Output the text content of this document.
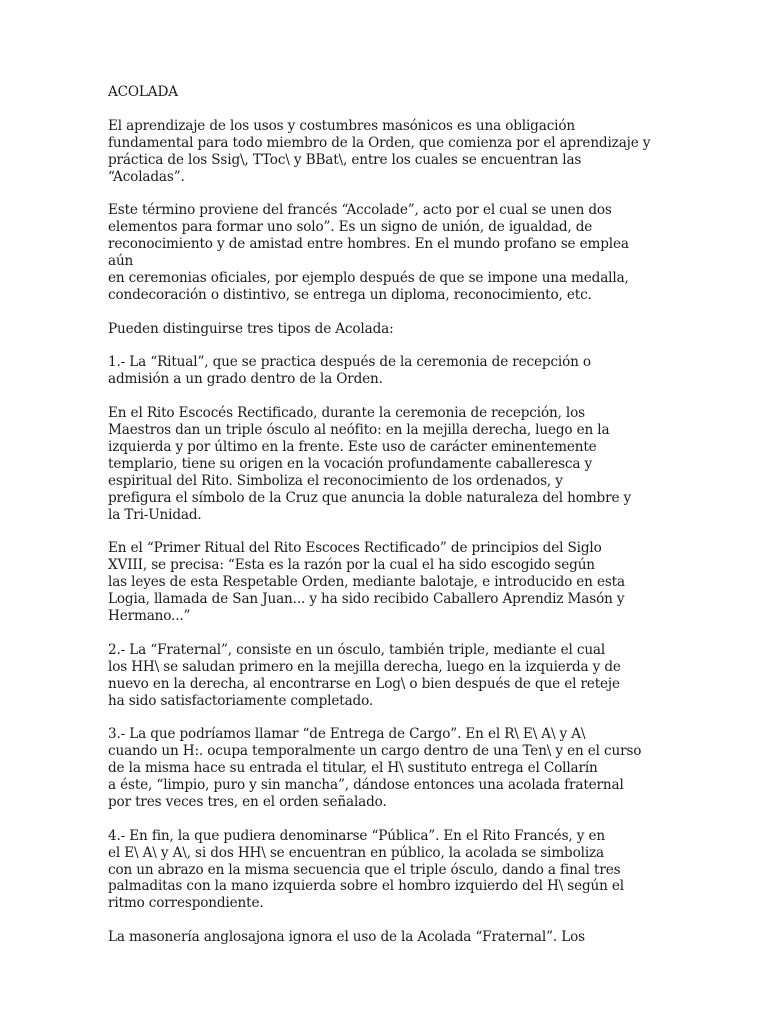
ACOLADA
El aprendizaje de los usos y costumbres masónicos es una obligación
fundamental para todo miembro de la Orden, que comienza por el aprendizaje y
práctica de los Ssig\, TToc\ y BBat\, entre los cuales se encuentran las
“Acoladas”.
Este término proviene del francés “Accolade”, acto por el cual se unen dos
elementos para formar uno solo”. Es un signo de unión, de igualdad, de
reconocimiento y de amistad entre hombres. En el mundo profano se emplea
aún
en ceremonias oficiales, por ejemplo después de que se impone una medalla,
condecoración o distintivo, se entrega un diploma, reconocimiento, etc.
Pueden distinguirse tres tipos de Acolada:
1.- La “Ritual”, que se practica después de la ceremonia de recepción o
admisión a un grado dentro de la Orden.
En el Rito Escocés Rectificado, durante la ceremonia de recepción, los
Maestros dan un triple ósculo al neófito: en la mejilla derecha, luego en la
izquierda y por último en la frente. Este uso de carácter eminentemente
templario, tiene su origen en la vocación profundamente caballeresca y
espiritual del Rito. Simboliza el reconocimiento de los ordenados, y
prefigura el símbolo de la Cruz que anuncia la doble naturaleza del hombre y
la Tri-Unidad.
En el “Primer Ritual del Rito Escoces Rectificado” de principios del Siglo
XVIII, se precisa: “Esta es la razón por la cual el ha sido escogido según
las leyes de esta Respetable Orden, mediante balotaje, e introducido en esta
Logia, llamada de San Juan... y ha sido recibido Caballero Aprendiz Masón y
Hermano...”
2.- La “Fraternal”, consiste en un ósculo, también triple, mediante el cual
los HH\ se saludan primero en la mejilla derecha, luego en la izquierda y de
nuevo en la derecha, al encontrarse en Log\ o bien después de que el reteje
ha sido satisfactoriamente completado.
3.- La que podríamos llamar “de Entrega de Cargo”. En el R\ E\ A\ y A\
cuando un H:. ocupa temporalmente un cargo dentro de una Ten\ y en el curso
de la misma hace su entrada el titular, el H\ sustituto entrega el Collarín
a éste, “limpio, puro y sin mancha”, dándose entonces una acolada fraternal
por tres veces tres, en el orden señalado.
4.- En fin, la que pudiera denominarse “Pública”. En el Rito Francés, y en
el E\ A\ y A\, si dos HH\ se encuentran en público, la acolada se simboliza
con un abrazo en la misma secuencia que el triple ósculo, dando a final tres
palmaditas con la mano izquierda sobre el hombro izquierdo del H\ según el
ritmo correspondiente.
La masonería anglosajona ignora el uso de la Acolada “Fraternal”. Los
